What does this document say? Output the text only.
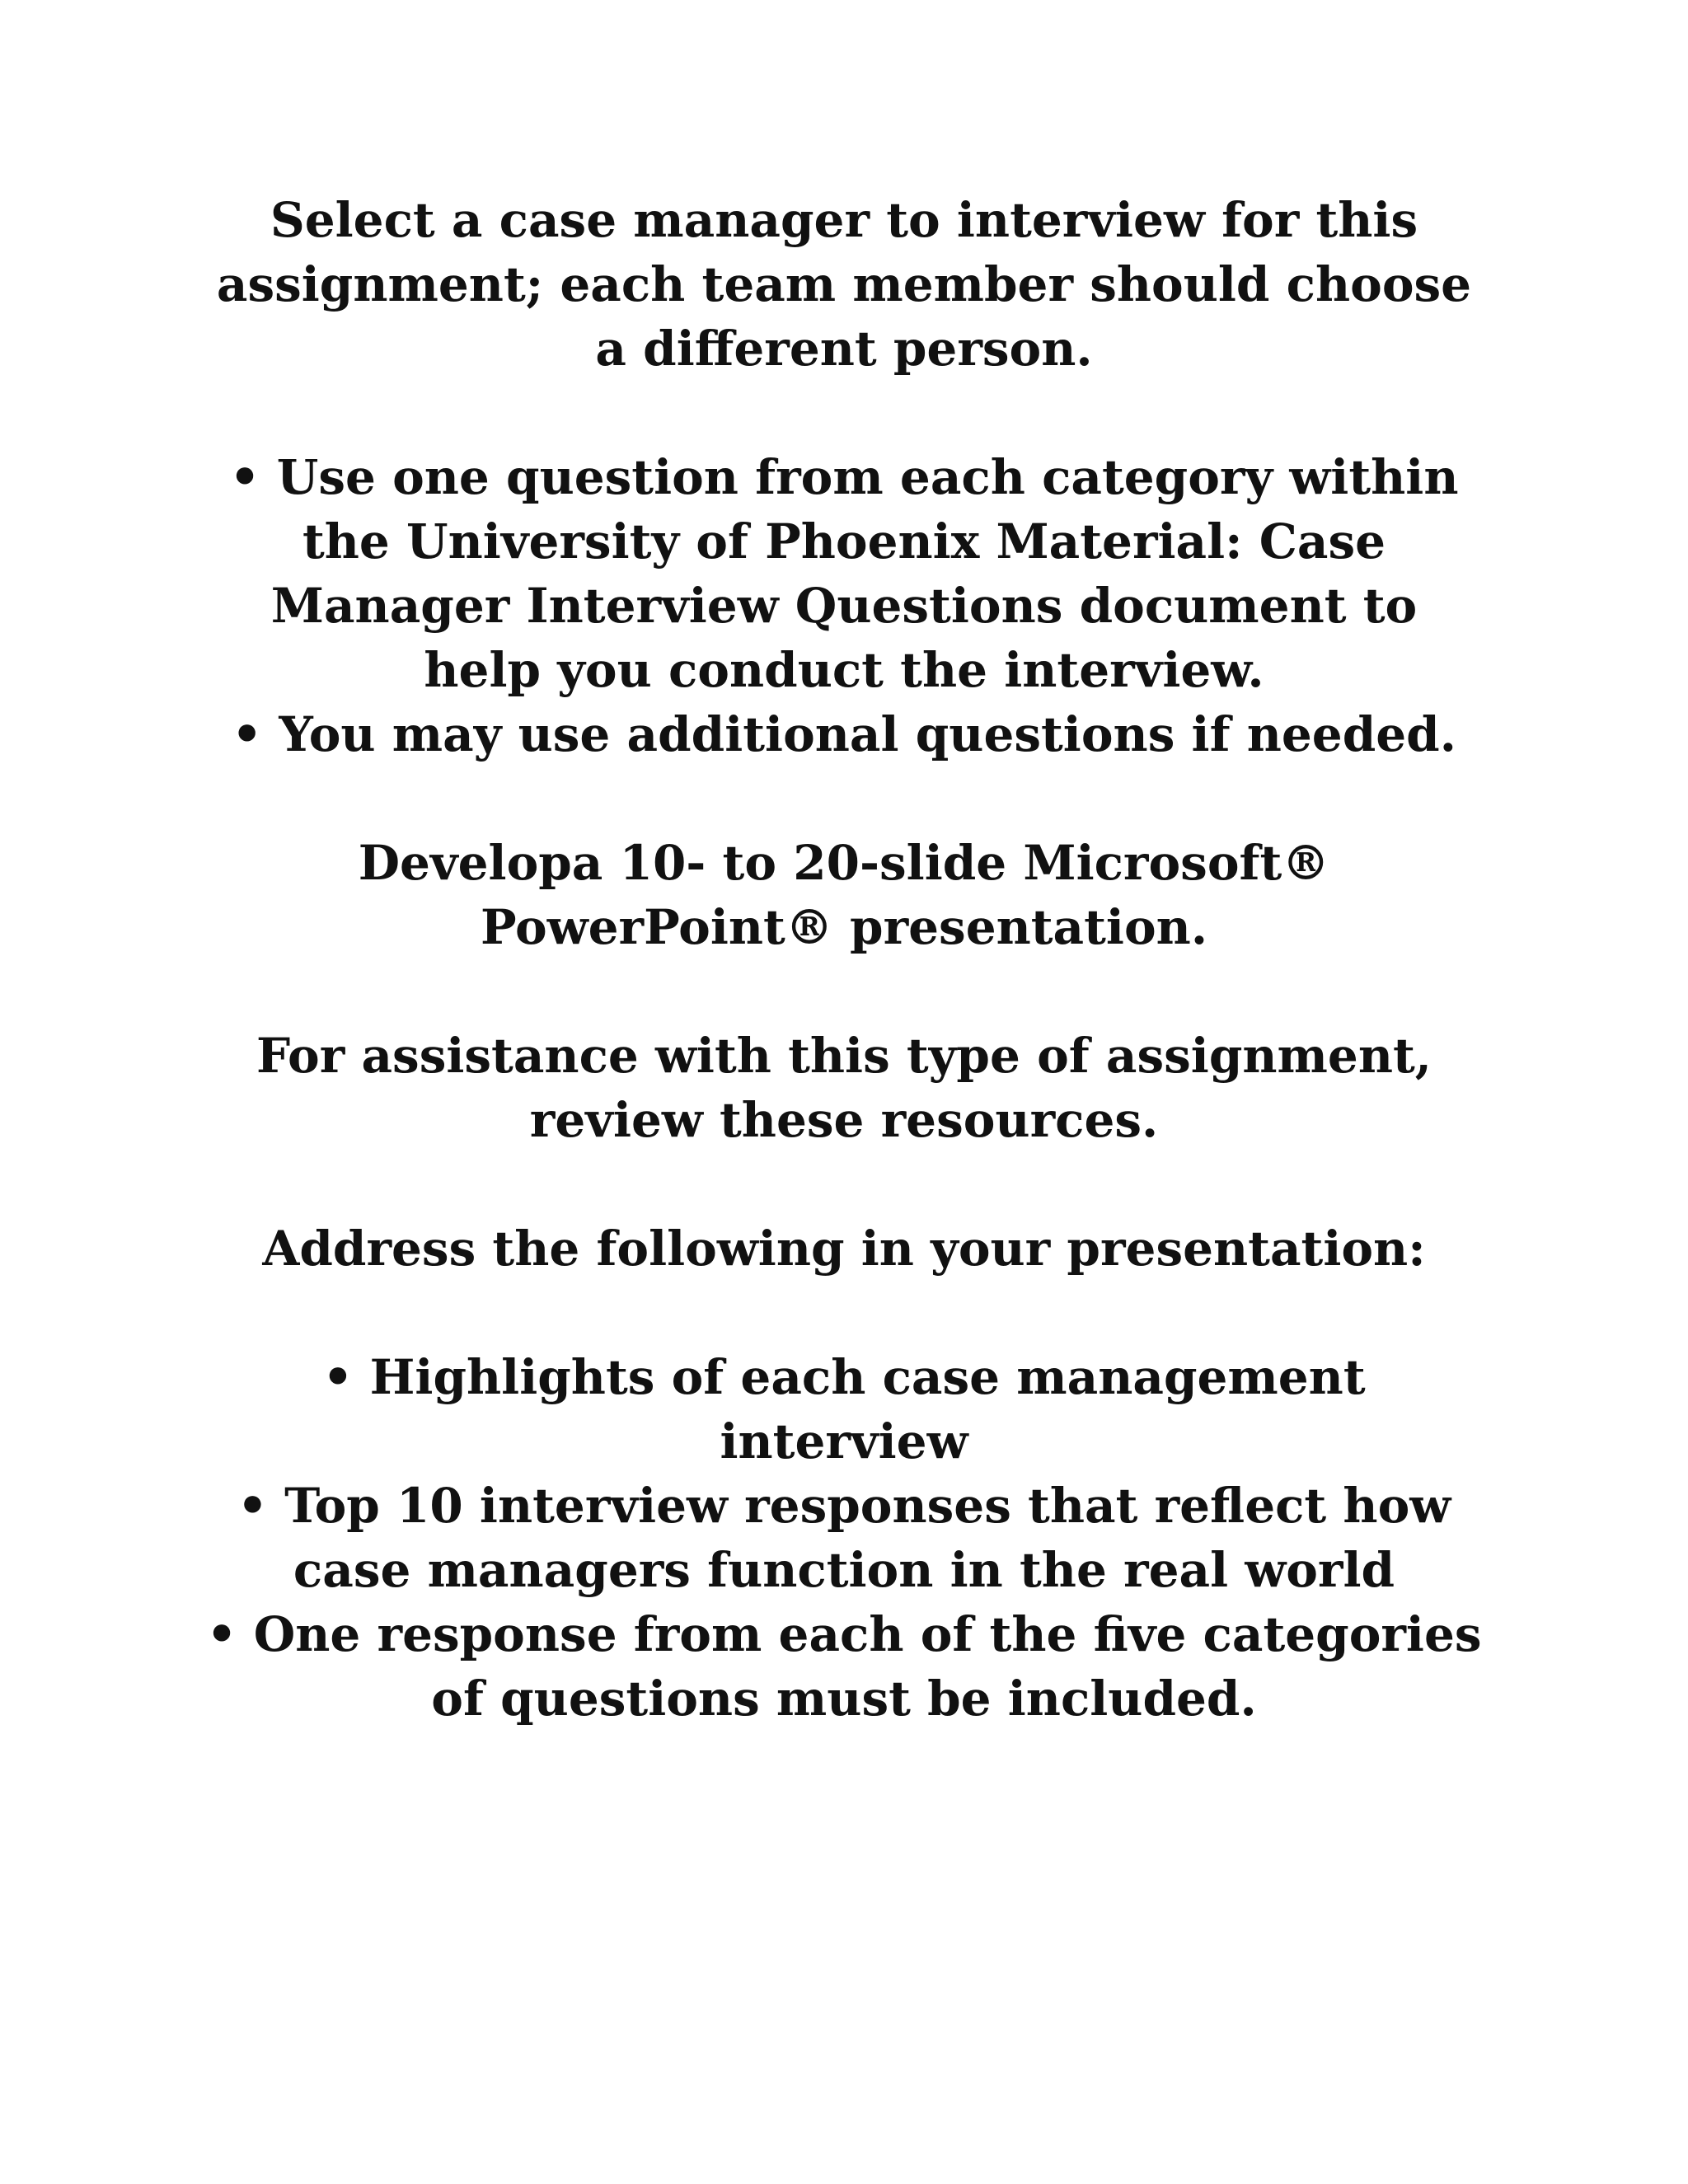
Select a case manager to interview for this
assignment; each team member should choose
a different person.
• Use one question from each category within
the University of Phoenix Material: Case
Manager Interview Questions document to
help you conduct the interview.
• You may use additional questions if needed.
Developa 10- to 20-slide Microsoft®
PowerPoint® presentation.
For assistance with this type of assignment,
review these resources.
Address the following in your presentation:
• Highlights of each case management
interview
• Top 10 interview responses that reflect how
case managers function in the real world
• One response from each of the five categories
of questions must be included.
